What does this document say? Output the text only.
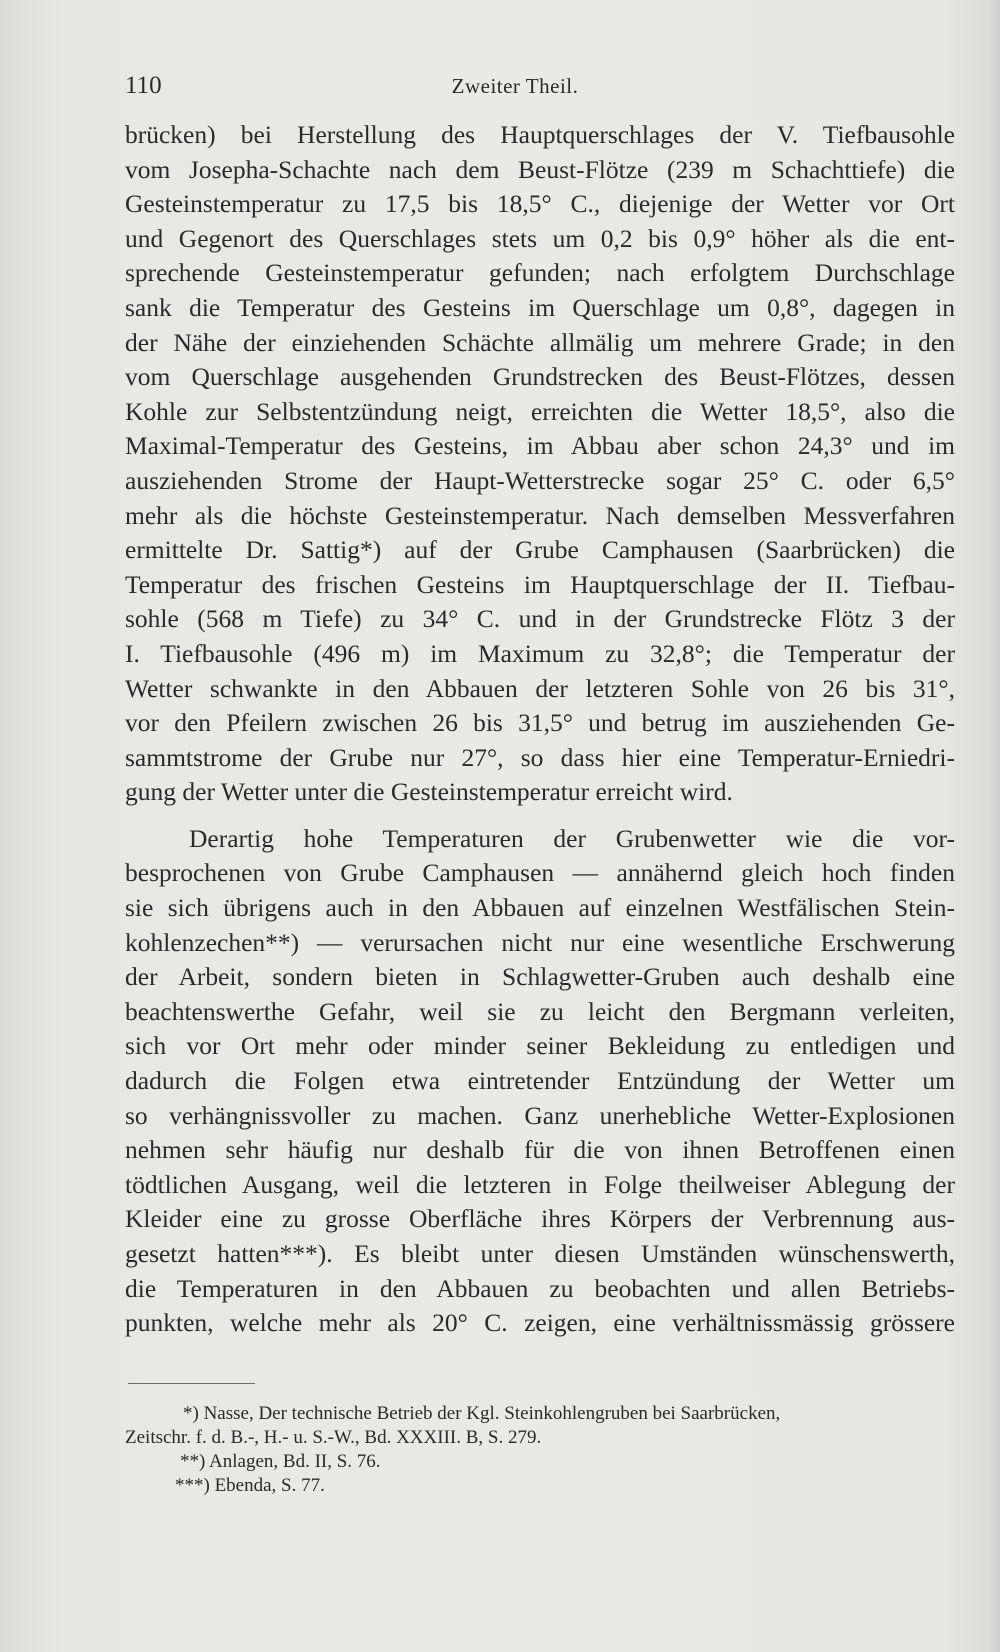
110	Zweiter Theil.
brücken) bei Herstellung des Hauptquerschlages der V. Tiefbausohle
vom Josepha-Schachte nach dem Beust-Flötze (239 m Schachttiefe) die
Gesteinstemperatur zu 17,5 bis 18,5° C., diejenige der Wetter vor Ort
und Gegenort des Querschlages stets um 0,2 bis 0,9° höher als die ent-
sprechende Gesteinstemperatur gefunden; nach erfolgtem Durchschlage
sank die Temperatur des Gesteins im Querschlage um 0,8°, dagegen in
der Nähe der einziehenden Schächte allmälig um mehrere Grade; in den
vom Querschlage ausgehenden Grundstrecken des Beust-Flötzes, dessen
Kohle zur Selbstentzündung neigt, erreichten die Wetter 18,5°, also die
Maximal-Temperatur des Gesteins, im Abbau aber schon 24,3° und im
ausziehenden Strome der Haupt-Wetterstrecke sogar 25° C. oder 6,5°
mehr als die höchste Gesteinstemperatur. Nach demselben Messverfahren
ermittelte Dr. Sattig*) auf der Grube Camphausen (Saarbrücken) die
Temperatur des frischen Gesteins im Hauptquerschlage der II. Tiefbau-
sohle (568 m Tiefe) zu 34° C. und in der Grundstrecke Flötz 3 der
I. Tiefbausohle (496 m) im Maximum zu 32,8°; die Temperatur der
Wetter schwankte in den Abbauen der letzteren Sohle von 26 bis 31°,
vor den Pfeilern zwischen 26 bis 31,5° und betrug im ausziehenden Ge-
sammtstrome der Grube nur 27°, so dass hier eine Temperatur-Erniedri-
gung der Wetter unter die Gesteinstemperatur erreicht wird.
Derartig hohe Temperaturen der Grubenwetter wie die vor-
besprochenen von Grube Camphausen — annähernd gleich hoch finden
sie sich übrigens auch in den Abbauen auf einzelnen Westfälischen Stein-
kohlenzechen**) — verursachen nicht nur eine wesentliche Erschwerung
der Arbeit, sondern bieten in Schlagwetter-Gruben auch deshalb eine
beachtenswerthe Gefahr, weil sie zu leicht den Bergmann verleiten,
sich vor Ort mehr oder minder seiner Bekleidung zu entledigen und
dadurch die Folgen etwa eintretender Entzündung der Wetter um
so verhängnissvoller zu machen. Ganz unerhebliche Wetter-Explosionen
nehmen sehr häufig nur deshalb für die von ihnen Betroffenen einen
tödtlichen Ausgang, weil die letzteren in Folge theilweiser Ablegung der
Kleider eine zu grosse Oberfläche ihres Körpers der Verbrennung aus-
gesetzt hatten***). Es bleibt unter diesen Umständen wünschenswerth,
die Temperaturen in den Abbauen zu beobachten und allen Betriebs-
punkten, welche mehr als 20° C. zeigen, eine verhältnissmässig grössere
*) Nasse, Der technische Betrieb der Kgl. Steinkohlengruben bei Saarbrücken,
Zeitschr. f. d. B.-, H.- u. S.-W., Bd. XXXIII. B, S. 279.
**) Anlagen, Bd. II, S. 76.
***) Ebenda, S. 77.
